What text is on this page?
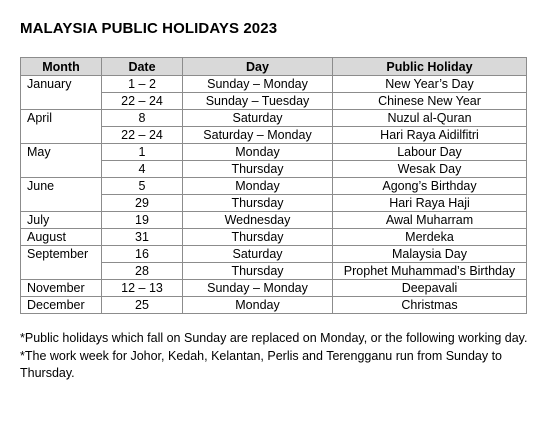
MALAYSIA PUBLIC HOLIDAYS 2023
Month	Date	Day	Public Holiday
January	1 – 2	Sunday – Monday	New Year’s Day
	22 – 24	Sunday – Tuesday	Chinese New Year
April	8	Saturday	Nuzul al-Quran
	22 – 24	Saturday – Monday	Hari Raya Aidilfitri
May	1	Monday	Labour Day
	4	Thursday	Wesak Day
June	5	Monday	Agong’s Birthday
	29	Thursday	Hari Raya Haji
July	19	Wednesday	Awal Muharram
August	31	Thursday	Merdeka
September	16	Saturday	Malaysia Day
	28	Thursday	Prophet Muhammad’s Birthday
November	12 – 13	Sunday – Monday	Deepavali
December	25	Monday	Christmas

*Public holidays which fall on Sunday are replaced on Monday, or the following working day.

*The work week for Johor, Kedah, Kelantan, Perlis and Terengganu run from Sunday to Thursday.
